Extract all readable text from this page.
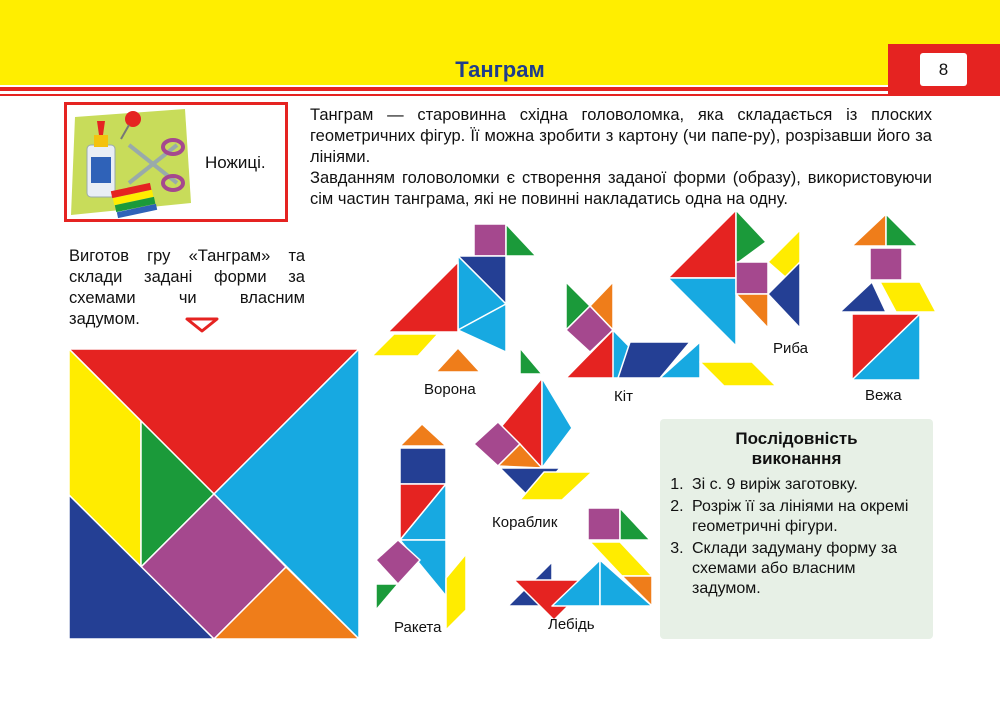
Танграм	8
Ножиці.

Танграм — старовинна східна головоломка, яка складається із плоских геометричних фігур. Її можна зробити з картону (чи папе-ру), розрізавши його за лініями.

Завданням головоломки є створення заданої форми (образу), використовуючи сім частин танграма, які не повинні накладатись одна на одну.

Виготов гру «Танграм» та
склади задані форми за
схемами чи власним
задумом.
Ворона	Кіт
Риба
Вежа
Кораблик
Ракета	Лебідь
Послідовність
виконання
1. Зі с. 9 виріж заготовку.
2. Розріж її за лініями на окремі геометричні фігури.
3. Склади задуману форму за схемами або власним задумом.
